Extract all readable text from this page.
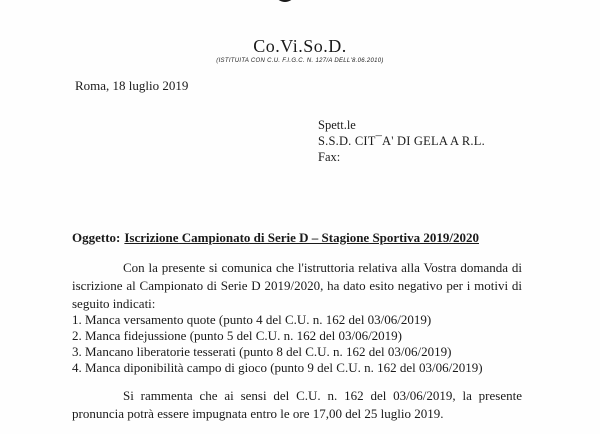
Co.Vi.So.D.
(ISTITUITA CON C.U. F.I.G.C. N. 127/A DELL'8.06.2010)
Roma, 18 luglio 2019
Spett.le
S.S.D. CIT¯A' DI GELA A R.L.
Fax:
Oggetto: Iscrizione Campionato di Serie D – Stagione Sportiva 2019/2020
Con la presente si comunica che l'istruttoria relativa alla Vostra domanda di iscrizione al Campionato di Serie D 2019/2020, ha dato esito negativo per i motivi di seguito indicati:
1. Manca versamento quote (punto 4 del C.U. n. 162 del 03/06/2019)
2. Manca fidejussione (punto 5 del C.U. n. 162 del 03/06/2019)
3. Mancano liberatorie tesserati (punto 8 del C.U. n. 162 del 03/06/2019)
4. Manca diponibilità campo di gioco (punto 9 del C.U. n. 162 del 03/06/2019)
Si rammenta che ai sensi del C.U. n. 162 del 03/06/2019, la presente pronuncia potrà essere impugnata entro le ore 17,00 del 25 luglio 2019.
